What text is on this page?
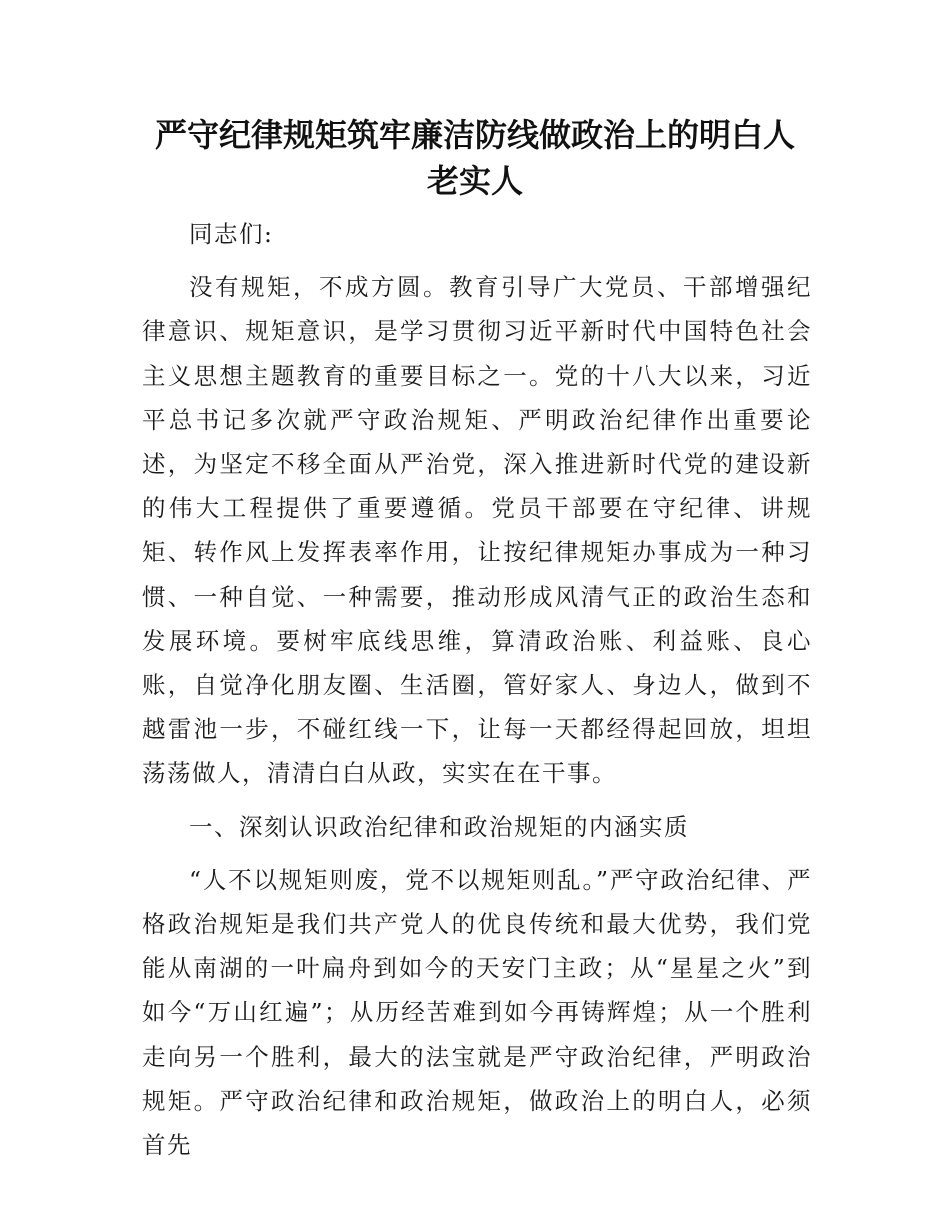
严守纪律规矩筑牢廉洁防线做政治上的明白人
老实人

同志们:

没有规矩，不成方圆。教育引导广大党员、干部增强纪律意识、规矩意识，是学习贯彻习近平新时代中国特色社会主义思想主题教育的重要目标之一。党的十八大以来，习近平总书记多次就严守政治规矩、严明政治纪律作出重要论述，为坚定不移全面从严治党，深入推进新时代党的建设新的伟大工程提供了重要遵循。党员干部要在守纪律、讲规矩、转作风上发挥表率作用，让按纪律规矩办事成为一种习惯、一种自觉、一种需要，推动形成风清气正的政治生态和发展环境。要树牢底线思维，算清政治账、利益账、良心账，自觉净化朋友圈、生活圈，管好家人、身边人，做到不越雷池一步，不碰红线一下，让每一天都经得起回放，坦坦荡荡做人，清清白白从政，实实在在干事。

一、深刻认识政治纪律和政治规矩的内涵实质

“人不以规矩则废，党不以规矩则乱。”严守政治纪律、严格政治规矩是我们共产党人的优良传统和最大优势，我们党能从南湖的一叶扁舟到如今的天安门主政；从“星星之火”到如今“万山红遍”；从历经苦难到如今再铸辉煌；从一个胜利走向另一个胜利，最大的法宝就是严守政治纪律，严明政治规矩。严守政治纪律和政治规矩，做政治上的明白人，必须首先
